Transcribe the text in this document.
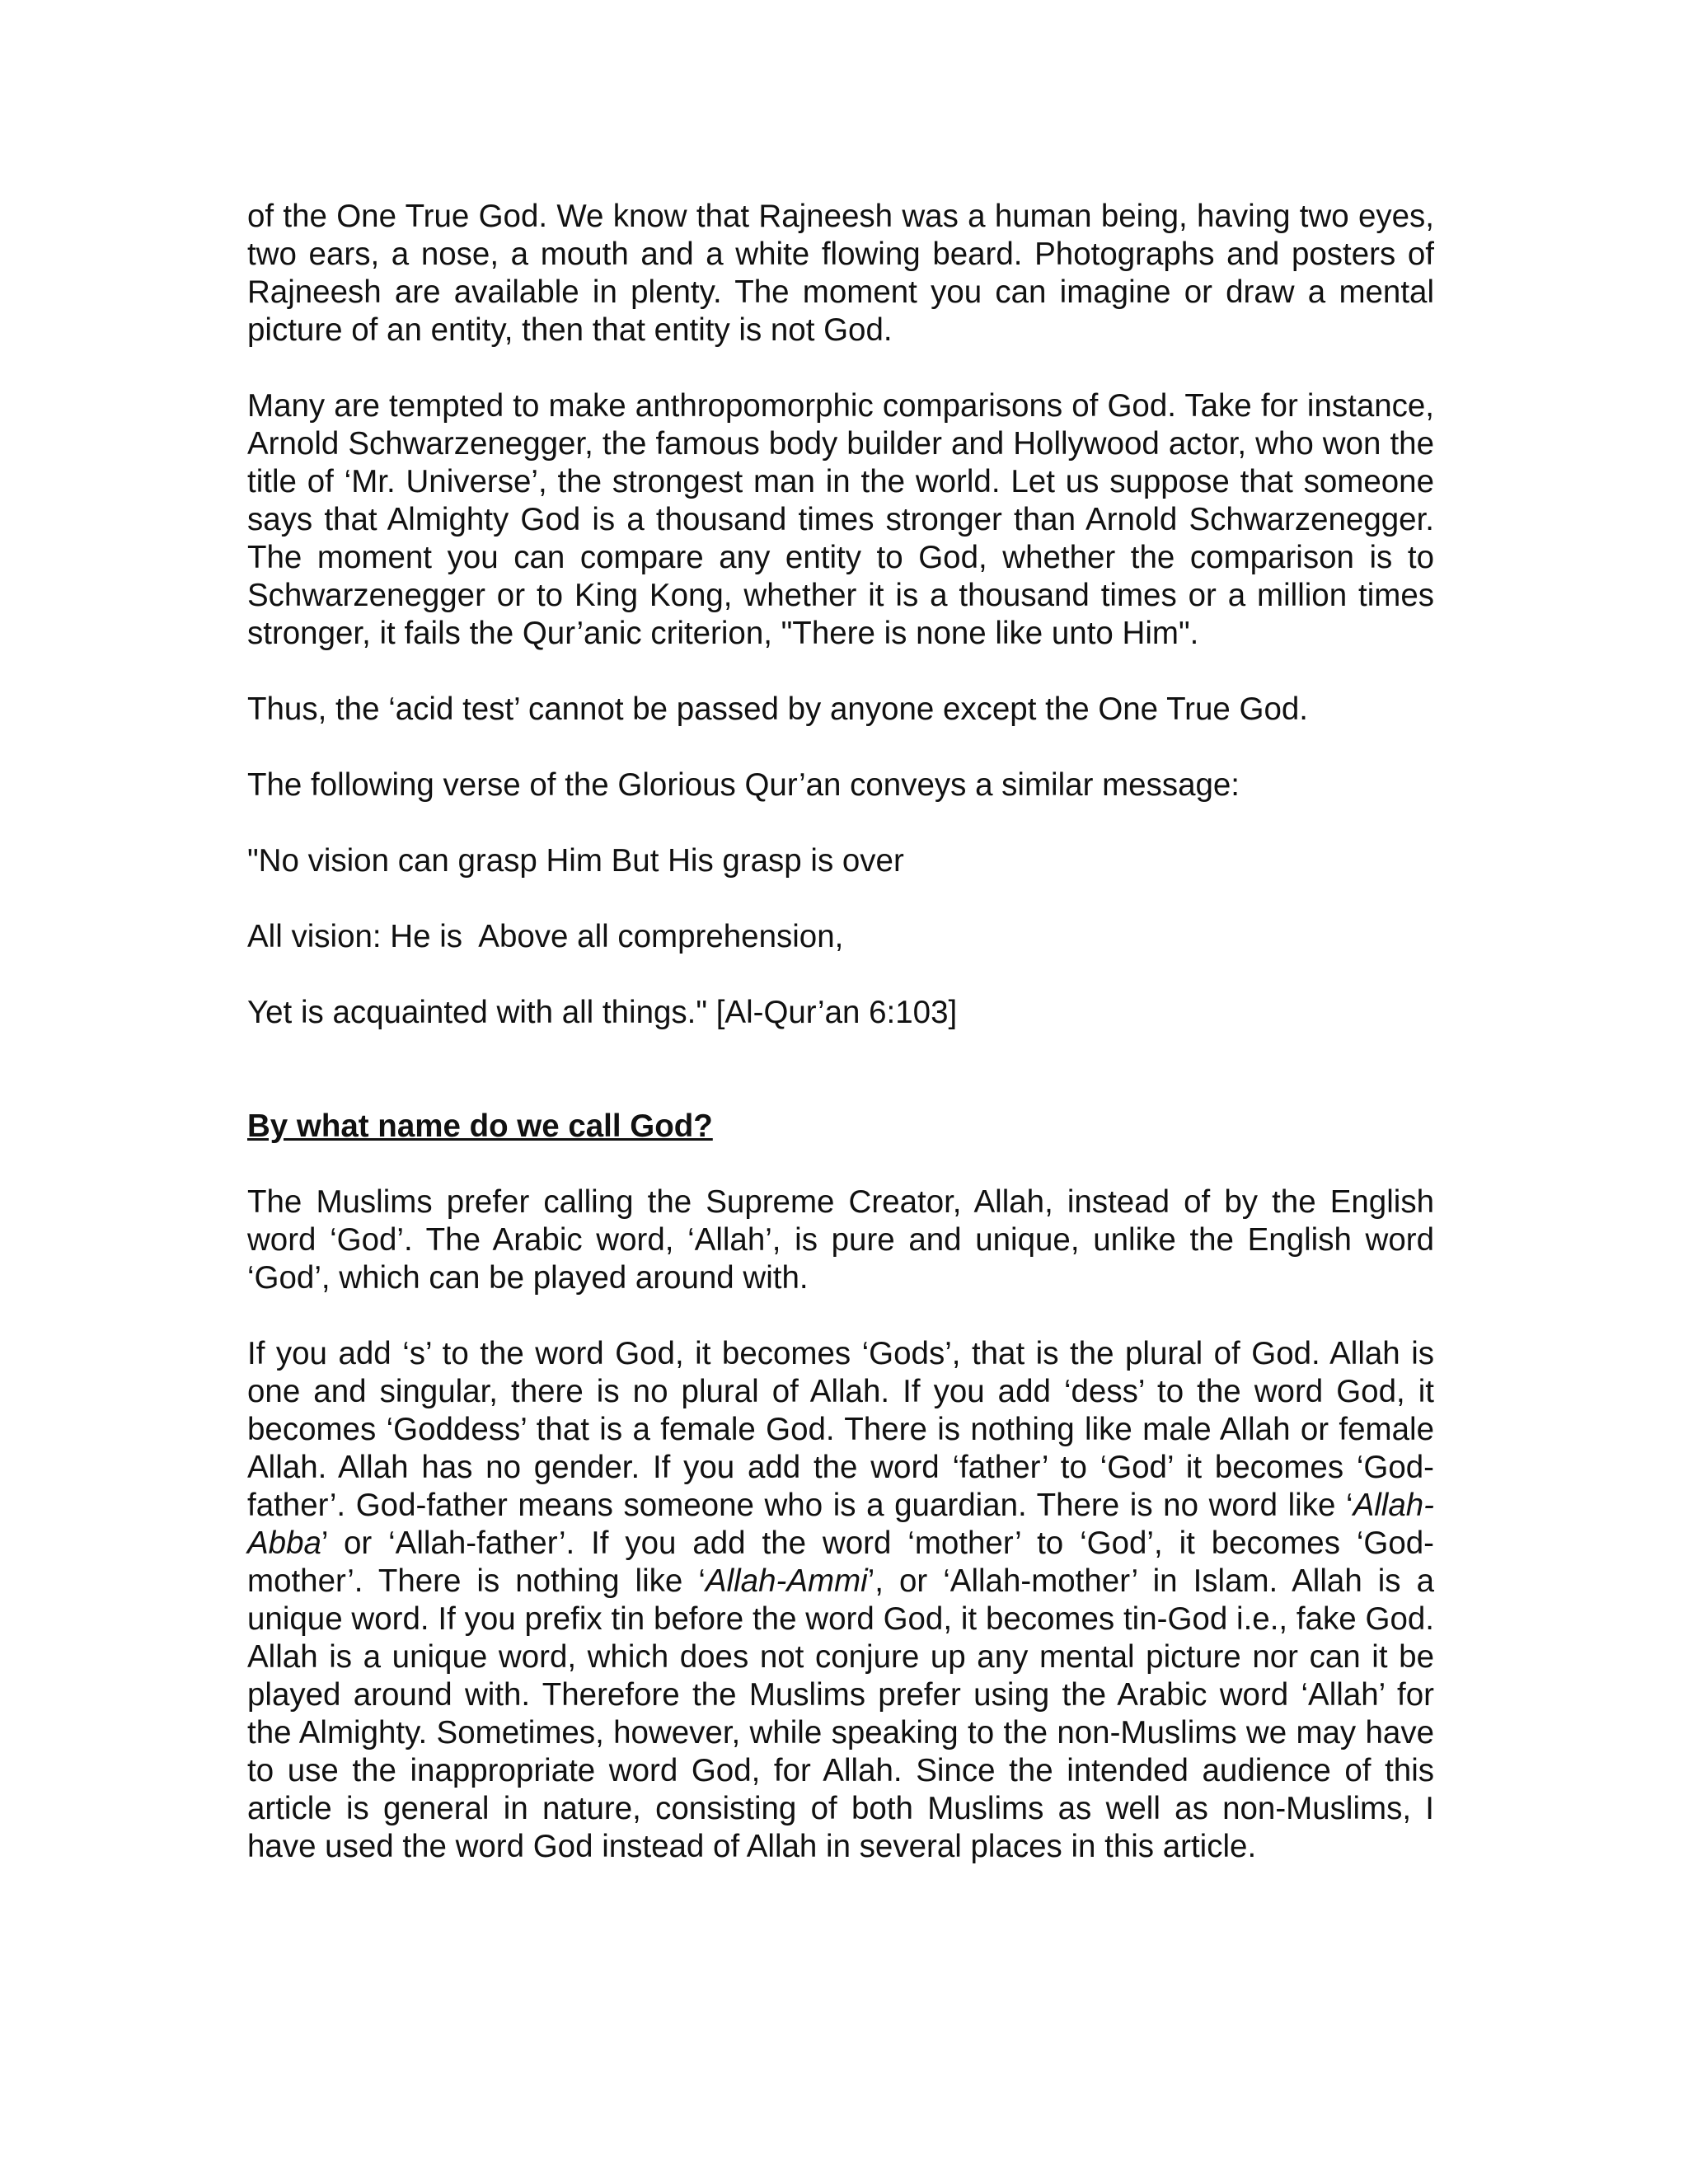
of the One True God. We know that Rajneesh was a human being, having two eyes, two ears, a nose, a mouth and a white flowing beard. Photographs and posters of Rajneesh are available in plenty. The moment you can imagine or draw a mental picture of an entity, then that entity is not God.

Many are tempted to make anthropomorphic comparisons of God. Take for instance, Arnold Schwarzenegger, the famous body builder and Hollywood actor, who won the title of ‘Mr. Universe’, the strongest man in the world. Let us suppose that someone says that Almighty God is a thousand times stronger than Arnold Schwarzenegger. The moment you can compare any entity to God, whether the comparison is to Schwarzenegger or to King Kong, whether it is a thousand times or a million times stronger, it fails the Qur’anic criterion, "There is none like unto Him".

Thus, the ‘acid test’ cannot be passed by anyone except the One True God.

The following verse of the Glorious Qur’an conveys a similar message:

"No vision can grasp Him But His grasp is over

All vision: He is  Above all comprehension,

Yet is acquainted with all things." [Al-Qur’an 6:103]

By what name do we call God?

The Muslims prefer calling the Supreme Creator, Allah, instead of by the English word ‘God’. The Arabic word, ‘Allah’, is pure and unique, unlike the English word ‘God’, which can be played around with.

If you add ‘s’ to the word God, it becomes ‘Gods’, that is the plural of God. Allah is one and singular, there is no plural of Allah. If you add ‘dess’ to the word God, it becomes ‘Goddess’ that is a female God. There is nothing like male Allah or female Allah. Allah has no gender. If you add the word ‘father’ to ‘God’ it becomes ‘God-father’. God-father means someone who is a guardian. There is no word like ‘Allah-Abba’ or ‘Allah-father’. If you add the word ‘mother’ to ‘God’, it becomes ‘God-mother’. There is nothing like ‘Allah-Ammi’, or ‘Allah-mother’ in Islam. Allah is a unique word. If you prefix tin before the word God, it becomes tin-God i.e., fake God. Allah is a unique word, which does not conjure up any mental picture nor can it be played around with. Therefore the Muslims prefer using the Arabic word ‘Allah’ for the Almighty. Sometimes, however, while speaking to the non-Muslims we may have to use the inappropriate word God, for Allah. Since the intended audience of this article is general in nature, consisting of both Muslims as well as non-Muslims, I have used the word God instead of Allah in several places in this article.
